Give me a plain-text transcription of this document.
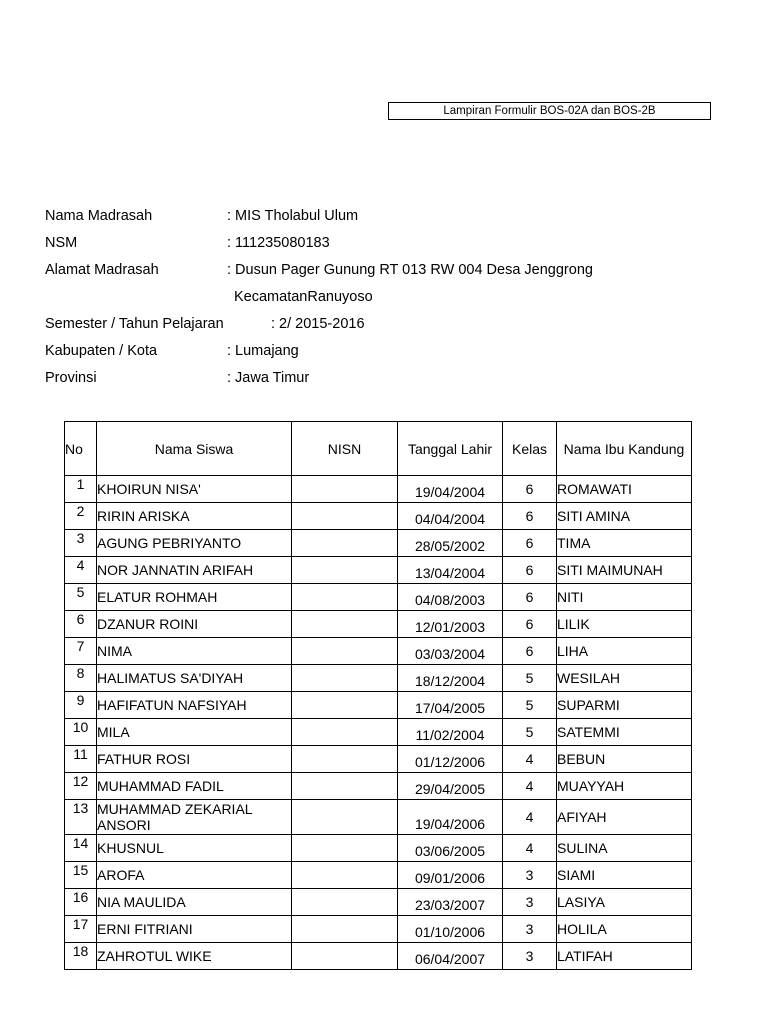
Lampiran Formulir BOS-02A dan BOS-2B
Nama Madrasah	: MIS Tholabul Ulum
NSM	: 111235080183
Alamat Madrasah	: Dusun Pager Gunung RT 013 RW 004 Desa Jenggrong
KecamatanRanuyoso
Semester / Tahun Pelajaran	: 2/ 2015-2016
Kabupaten / Kota	: Lumajang
Provinsi	: Jawa Timur
No	Nama Siswa	NISN	Tanggal Lahir	Kelas	Nama Ibu Kandung
1	KHOIRUN NISA'		19/04/2004	6	ROMAWATI
2	RIRIN ARISKA		04/04/2004	6	SITI AMINA
3	AGUNG PEBRIYANTO		28/05/2002	6	TIMA
4	NOR JANNATIN ARIFAH		13/04/2004	6	SITI MAIMUNAH
5	ELATUR ROHMAH		04/08/2003	6	NITI
6	DZANUR ROINI		12/01/2003	6	LILIK
7	NIMA		03/03/2004	6	LIHA
8	HALIMATUS SA'DIYAH		18/12/2004	5	WESILAH
9	HAFIFATUN NAFSIYAH		17/04/2005	5	SUPARMI
10	MILA		11/02/2004	5	SATEMMI
11	FATHUR ROSI		01/12/2006	4	BEBUN
12	MUHAMMAD FADIL		29/04/2005	4	MUAYYAH
13	MUHAMMAD ZEKARIAL ANSORI		19/04/2006	4	AFIYAH
14	KHUSNUL		03/06/2005	4	SULINA
15	AROFA		09/01/2006	3	SIAMI
16	NIA MAULIDA		23/03/2007	3	LASIYA
17	ERNI FITRIANI		01/10/2006	3	HOLILA
18	ZAHROTUL WIKE		06/04/2007	3	LATIFAH
